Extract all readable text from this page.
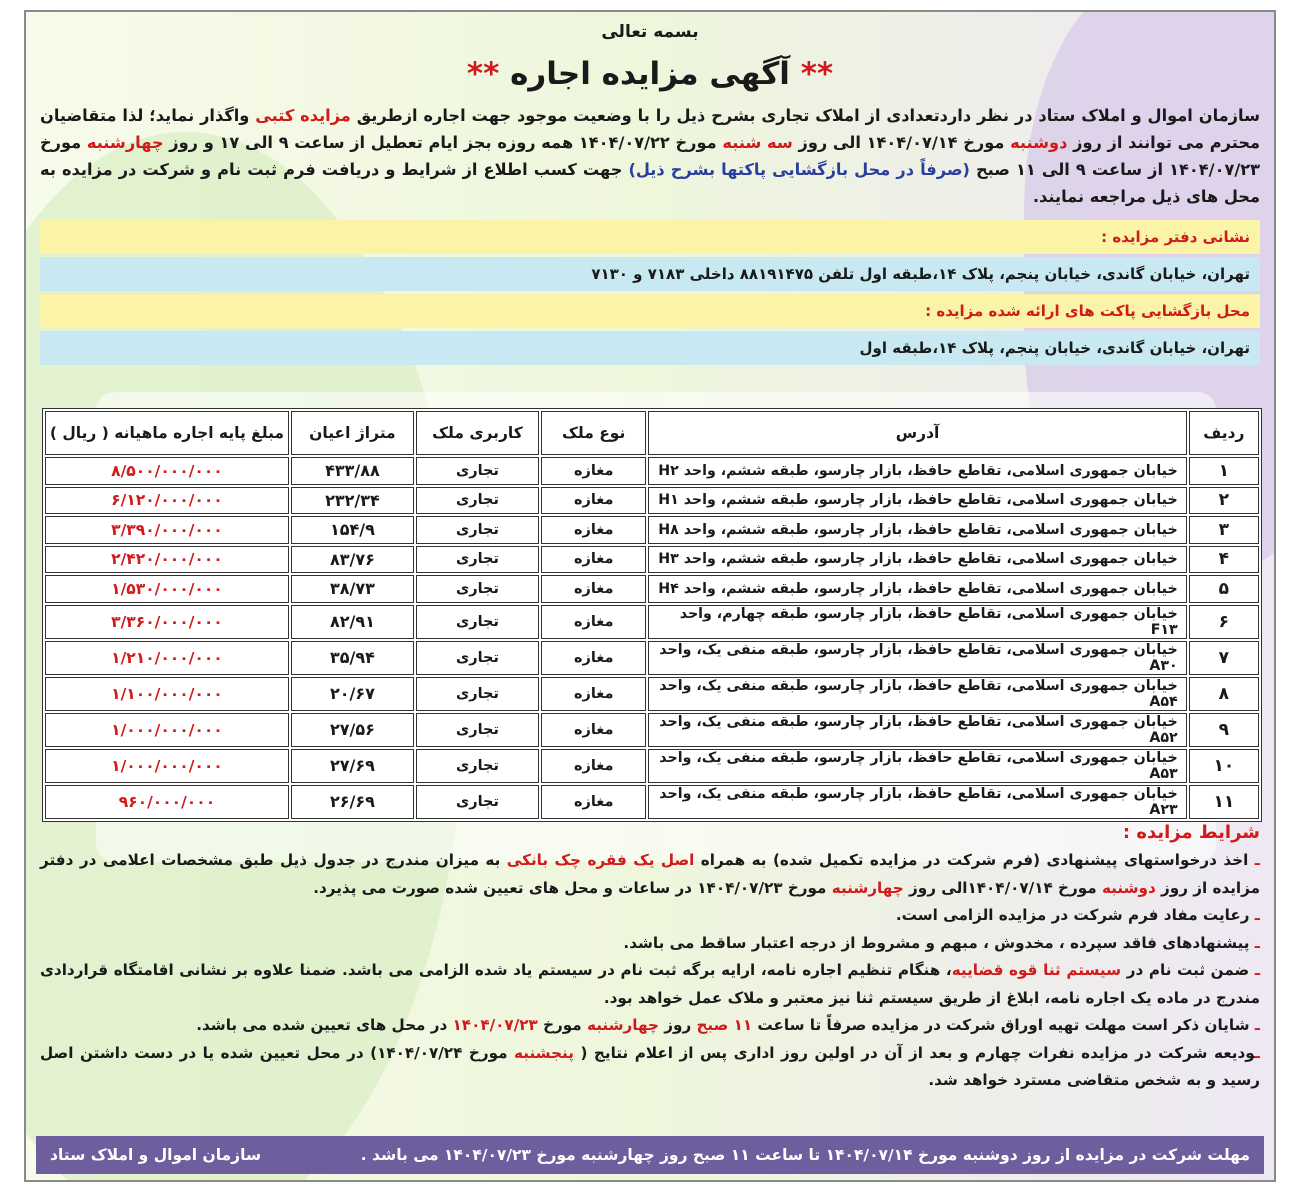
بسمه تعالی
** آگهی مزایده اجاره **
سازمان اموال و املاک ستاد در نظر دارد​تعدادی از املاک تجاری بشرح ذیل را با وضعیت موجود جهت اجاره ازطریق مزایده کتبی واگذار نماید؛ لذا متقاضیان محترم می توانند از روز دوشنبه مورخ ۱۴۰۴/۰۷/۱۴ الی روز سه شنبه مورخ ۱۴۰۴/۰۷/۲۲ همه روزه بجز ایام تعطیل از ساعت ۹ الی ۱۷ و روز چهارشنبه مورخ ۱۴۰۴/۰۷/۲۳ از ساعت ۹ الی ۱۱ صبح (صرفاً در محل بازگشایی پاکتها بشرح ذیل) جهت کسب اطلاع از شرایط و دریافت فرم ثبت نام و شرکت در مزایده به محل های ذیل مراجعه نمایند.
نشانی دفتر مزایده :
تهران، خیابان گاندی، خیابان پنجم، پلاک ۱۴،طبقه اول تلفن ۸۸۱۹۱۴۷۵ داخلی ۷۱۸۳ و ۷۱۳۰
محل بازگشایی پاکت های ارائه شده مزایده :
تهران، خیابان گاندی، خیابان پنجم، پلاک ۱۴،طبقه اول
ردیف	آدرس	نوع ملک	کاربری ملک	متراژ اعیان	مبلغ پایه اجاره ماهیانه ( ریال )
۱	خیابان جمهوری اسلامی، تقاطع حافظ، بازار چارسو، طبقه ششم، واحد H۲	مغازه	تجاری	۴۳۳/۸۸	۸/۵۰۰/۰۰۰/۰۰۰
۲	خیابان جمهوری اسلامی، تقاطع حافظ، بازار چارسو، طبقه ششم، واحد H۱	مغازه	تجاری	۲۳۲/۳۴	۶/۱۲۰/۰۰۰/۰۰۰
۳	خیابان جمهوری اسلامی، تقاطع حافظ، بازار چارسو، طبقه ششم، واحد H۸	مغازه	تجاری	۱۵۴/۹	۳/۳۹۰/۰۰۰/۰۰۰
۴	خیابان جمهوری اسلامی، تقاطع حافظ، بازار چارسو، طبقه ششم، واحد H۳	مغازه	تجاری	۸۳/۷۶	۲/۴۲۰/۰۰۰/۰۰۰
۵	خیابان جمهوری اسلامی، تقاطع حافظ، بازار چارسو، طبقه ششم، واحد H۴	مغازه	تجاری	۳۸/۷۳	۱/۵۳۰/۰۰۰/۰۰۰
۶	خیابان جمهوری اسلامی، تقاطع حافظ، بازار چارسو، طبقه چهارم، واحد F۱۳	مغازه	تجاری	۸۲/۹۱	۳/۳۶۰/۰۰۰/۰۰۰
۷	خیابان جمهوری اسلامی، تقاطع حافظ، بازار چارسو، طبقه منفی یک، واحد A۳۰	مغازه	تجاری	۳۵/۹۴	۱/۲۱۰/۰۰۰/۰۰۰
۸	خیابان جمهوری اسلامی، تقاطع حافظ، بازار چارسو، طبقه منفی یک، واحد A۵۴	مغازه	تجاری	۲۰/۶۷	۱/۱۰۰/۰۰۰/۰۰۰
۹	خیابان جمهوری اسلامی، تقاطع حافظ، بازار چارسو، طبقه منفی یک، واحد A۵۲	مغازه	تجاری	۲۷/۵۶	۱/۰۰۰/۰۰۰/۰۰۰
۱۰	خیابان جمهوری اسلامی، تقاطع حافظ، بازار چارسو، طبقه منفی یک، واحد A۵۳	مغازه	تجاری	۲۷/۶۹	۱/۰۰۰/۰۰۰/۰۰۰
۱۱	خیابان جمهوری اسلامی، تقاطع حافظ، بازار چارسو، طبقه منفی یک، واحد A۲۳	مغازه	تجاری	۲۶/۶۹	۹۶۰/۰۰۰/۰۰۰
شرایط مزایده :

ـ اخذ درخواستهای پیشنهادی (فرم شرکت در مزایده تکمیل شده) به همراه اصل یک فقره چک بانکی به میزان مندرج در جدول ذیل طبق مشخصات اعلامی در دفتر مزایده از روز دوشنبه مورخ ۱۴۰۴/۰۷/۱۴الی روز چهارشنبه مورخ ۱۴۰۴/۰۷/۲۳ در ساعات و محل های تعیین شده صورت می پذیرد.

ـ رعایت مفاد فرم شرکت در مزایده الزامی است.

ـ پیشنهادهای فاقد سپرده ، مخدوش ، مبهم و مشروط از درجه اعتبار ساقط می باشد.

ـ ضمن ثبت نام در سیستم ثنا قوه قضاییه، هنگام تنظیم اجاره نامه، ارایه برگه ثبت نام در سیستم یاد شده الزامی می باشد. ضمنا علاوه بر نشانی اقامتگاه قراردادی مندرج در ماده یک اجاره نامه، ابلاغ از طریق سیستم ثنا نیز معتبر و ملاک عمل خواهد بود.

ـ شایان ذکر است مهلت تهیه اوراق شرکت در مزایده صرفاً تا ساعت ۱۱ صبح روز چهارشنبه مورخ ۱۴۰۴/۰۷/۲۳ در محل های تعیین شده می باشد.

ـودیعه شرکت در مزایده نفرات چهارم و بعد از آن در اولین روز اداری پس از اعلام نتایج ( پنجشنبه مورخ ۱۴۰۴/۰۷/۲۴) در محل تعیین شده یا در دست داشتن اصل رسید و به شخص متقاضی مسترد خواهد شد.

مهلت شرکت در مزایده از روز دوشنبه مورخ ۱۴۰۴/۰۷/۱۴ تا ساعت ۱۱ صبح روز چهارشنبه مورخ ۱۴۰۴/۰۷/۲۳ می باشد .
سازمان اموال و املاک ستاد
